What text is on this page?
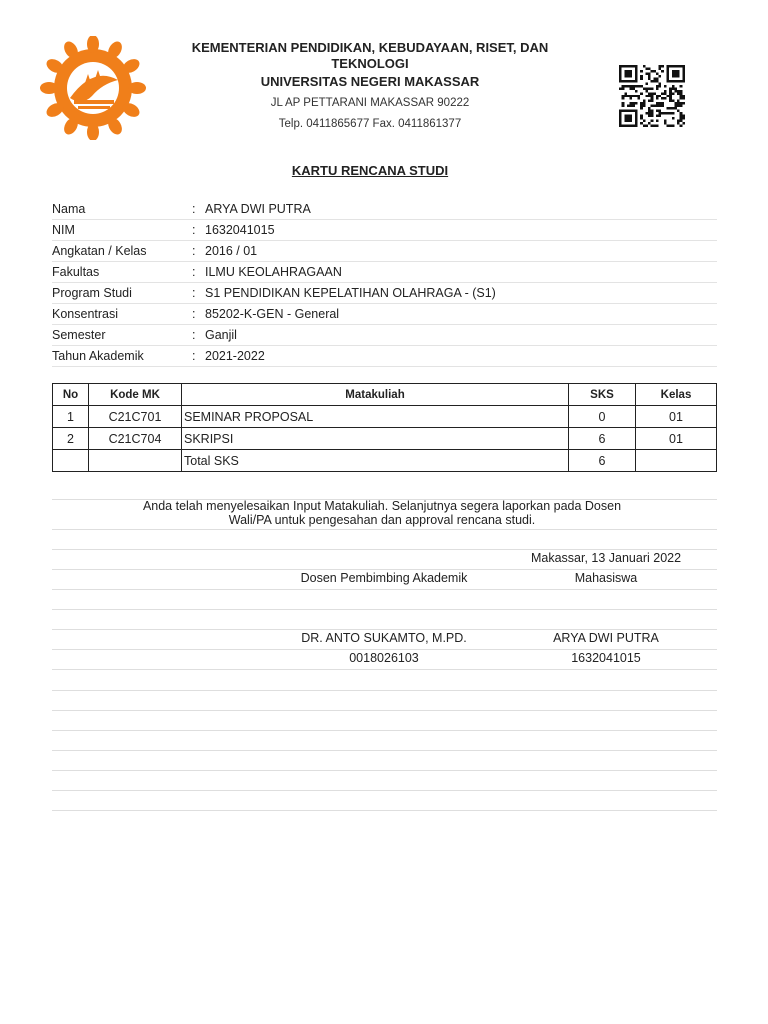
KEMENTERIAN PENDIDIKAN, KEBUDAYAAN, RISET, DAN TEKNOLOGI
UNIVERSITAS NEGERI MAKASSAR
JL AP PETTARANI MAKASSAR 90222
Telp. 0411865677 Fax. 0411861377
KARTU RENCANA STUDI
Nama	: ARYA DWI PUTRA
NIM	: 1632041015
Angkatan / Kelas	: 2016 / 01
Fakultas	: ILMU KEOLAHRAGAAN
Program Studi	: S1 PENDIDIKAN KEPELATIHAN OLAHRAGA - (S1)
Konsentrasi	: 85202-K-GEN - General
Semester	: Ganjil
Tahun Akademik	: 2021-2022
No	Kode MK	Matakuliah	SKS	Kelas
1	C21C701	SEMINAR PROPOSAL	0	01
2	C21C704	SKRIPSI	6	01
		Total SKS	6	
Anda telah menyelesaikan Input Matakuliah. Selanjutnya segera laporkan pada Dosen
Wali/PA untuk pengesahan dan approval rencana studi.
Makassar, 13 Januari 2022
Dosen Pembimbing Akademik	Mahasiswa
DR. ANTO SUKAMTO, M.PD.	ARYA DWI PUTRA
0018026103	1632041015
